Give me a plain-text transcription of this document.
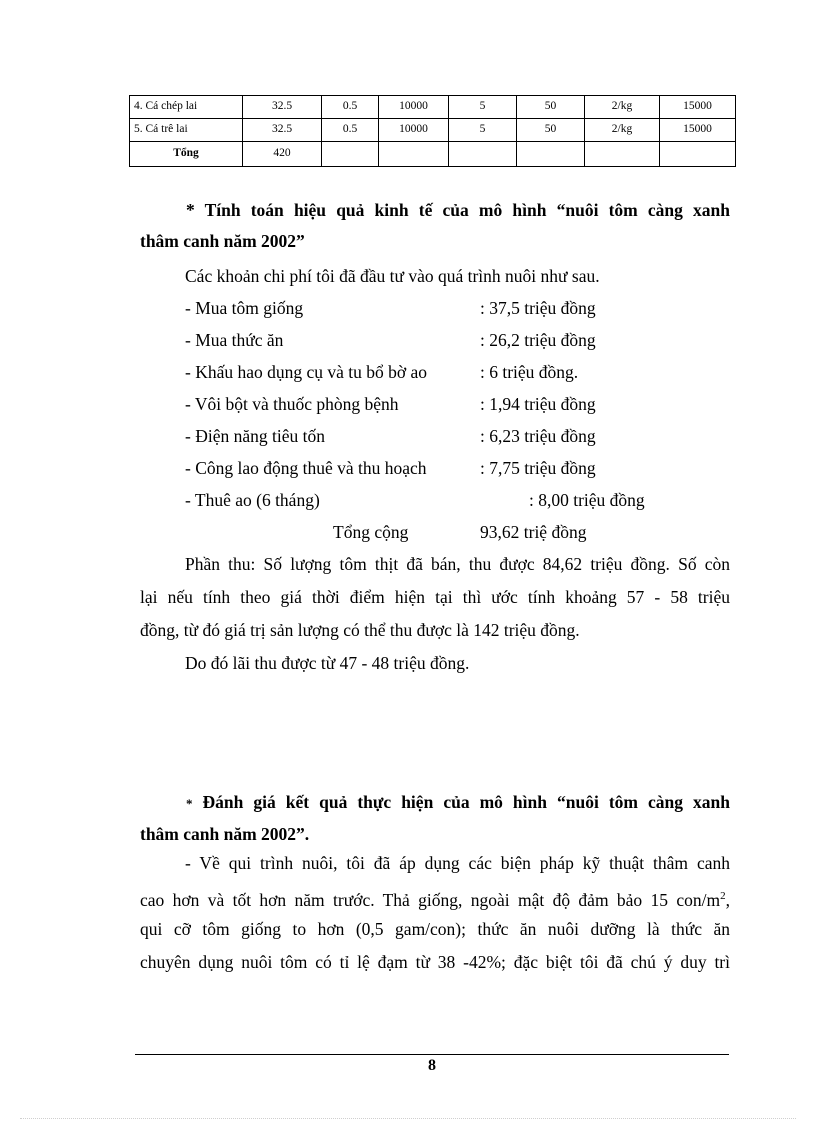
4. Cá chép lai	32.5	0.5	10000	5	50	2/kg	15000
5. Cá trê lai	32.5	0.5	10000	5	50	2/kg	15000
Tổng	420						
* Tính toán hiệu quả kinh tế của mô hình “nuôi tôm càng xanh
thâm canh năm 2002”
Các khoản chi phí tôi đã đầu tư vào quá trình nuôi như sau.
- Mua tôm giống	: 37,5 triệu đồng
- Mua thức ăn	: 26,2 triệu đồng
- Khấu hao dụng cụ và tu bổ bờ ao	: 6 triệu đồng.
- Vôi bột và thuốc phòng bệnh	: 1,94 triệu đồng
- Điện năng tiêu tốn	: 6,23 triệu đồng
- Công lao động thuê và thu hoạch	: 7,75 triệu đồng
- Thuê ao (6 tháng)	: 8,00 triệu đồng
Tổng cộng	93,62 triệ đồng
Phần thu: Số lượng tôm thịt đã bán, thu được 84,62 triệu đồng. Số còn
lại nếu tính theo giá thời điểm hiện tại thì ước tính khoảng 57 - 58 triệu
đồng, từ đó giá trị sản lượng có thể thu được là 142 triệu đồng.
Do đó lãi thu được từ 47 - 48 triệu đồng.
* Đánh giá kết quả thực hiện của mô hình “nuôi tôm càng xanh
thâm canh năm 2002”.
- Về qui trình nuôi, tôi đã áp dụng các biện pháp kỹ thuật thâm canh
cao hơn và tốt hơn năm trước. Thả giống, ngoài mật độ đảm bảo 15 con/$m^2$,
qui cỡ tôm giống to hơn (0,5 gam/con); thức ăn nuôi dưỡng là thức ăn
chuyên dụng nuôi tôm có tỉ lệ đạm từ 38 -42%; đặc biệt tôi đã chú ý duy trì
8
